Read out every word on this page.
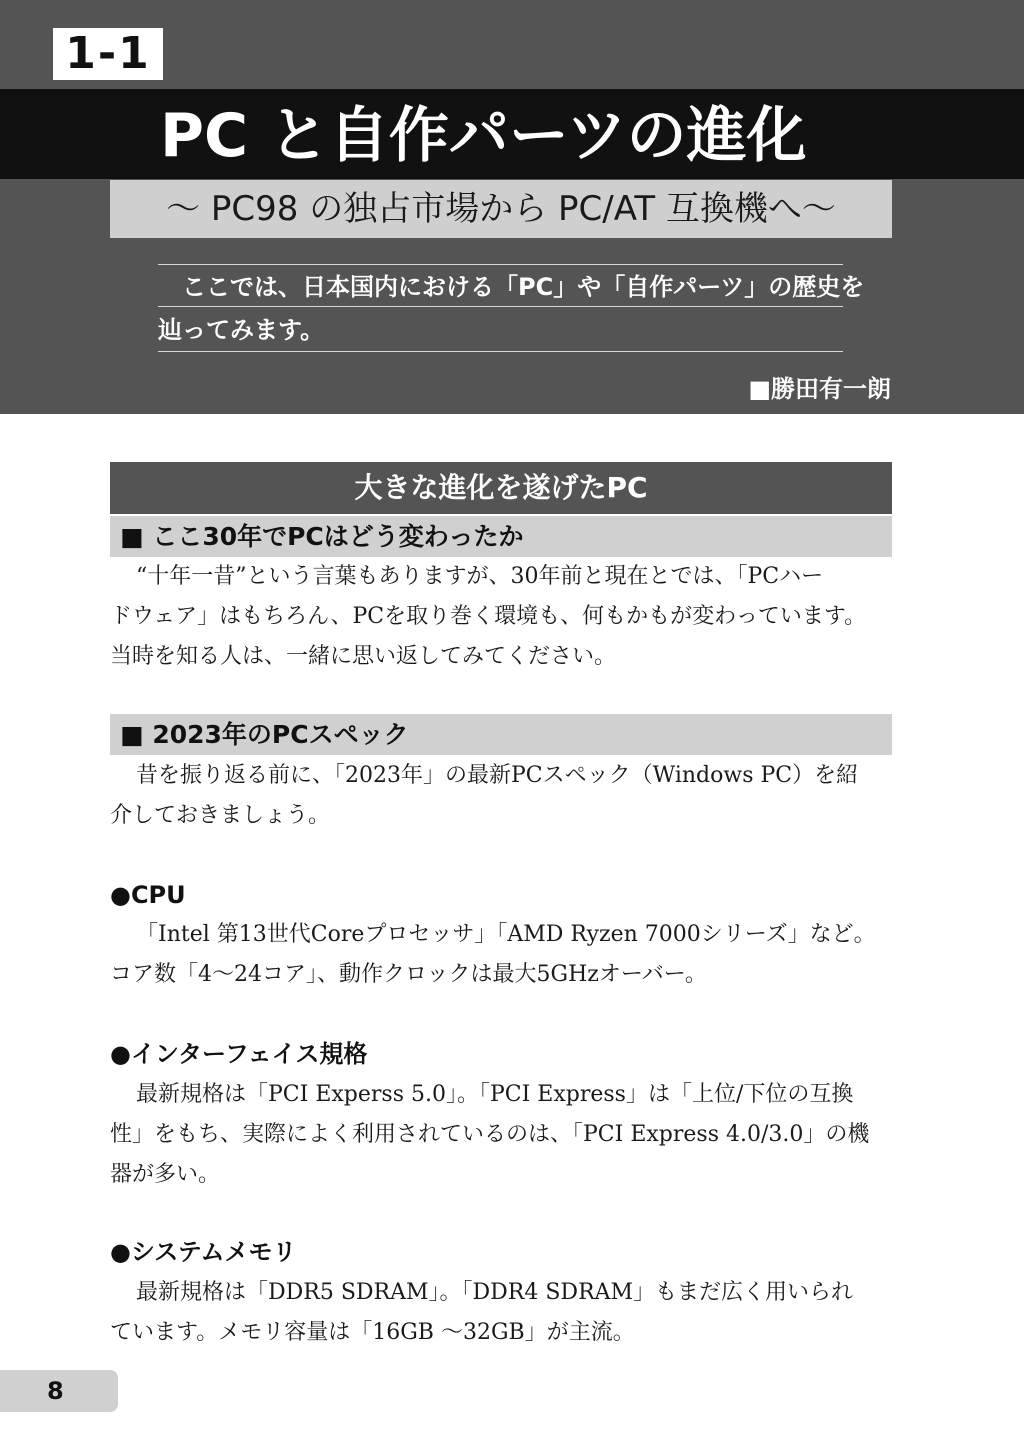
1-1
PC と自作パーツの進化
～ PC98 の独占市場から PC/AT 互換機へ～
ここでは、日本国内における「PC」や「自作パーツ」の歴史を
辿ってみます。
■勝田有一朗
大きな進化を遂げたPC
■ ここ30年でPCはどう変わったか
“十年一昔”という言葉もありますが、30年前と現在とでは、「PCハー
ドウェア」はもちろん、PCを取り巻く環境も、何もかもが変わっています。
当時を知る人は、一緒に思い返してみてください。
■ 2023年のPCスペック
昔を振り返る前に、「2023年」の最新PCスペック（Windows PC）を紹
介しておきましょう。
●CPU
「Intel 第13世代Coreプロセッサ」「AMD Ryzen 7000シリーズ」など。
コア数「4～24コア」、動作クロックは最大5GHzオーバー。
●インターフェイス規格
最新規格は「PCI Experss 5.0」。「PCI Express」は「上位/下位の互換
性」をもち、実際によく利用されているのは、「PCI Express 4.0/3.0」の機
器が多い。
●システムメモリ
最新規格は「DDR5 SDRAM」。「DDR4 SDRAM」もまだ広く用いられ
ています。メモリ容量は「16GB ～32GB」が主流。
8
